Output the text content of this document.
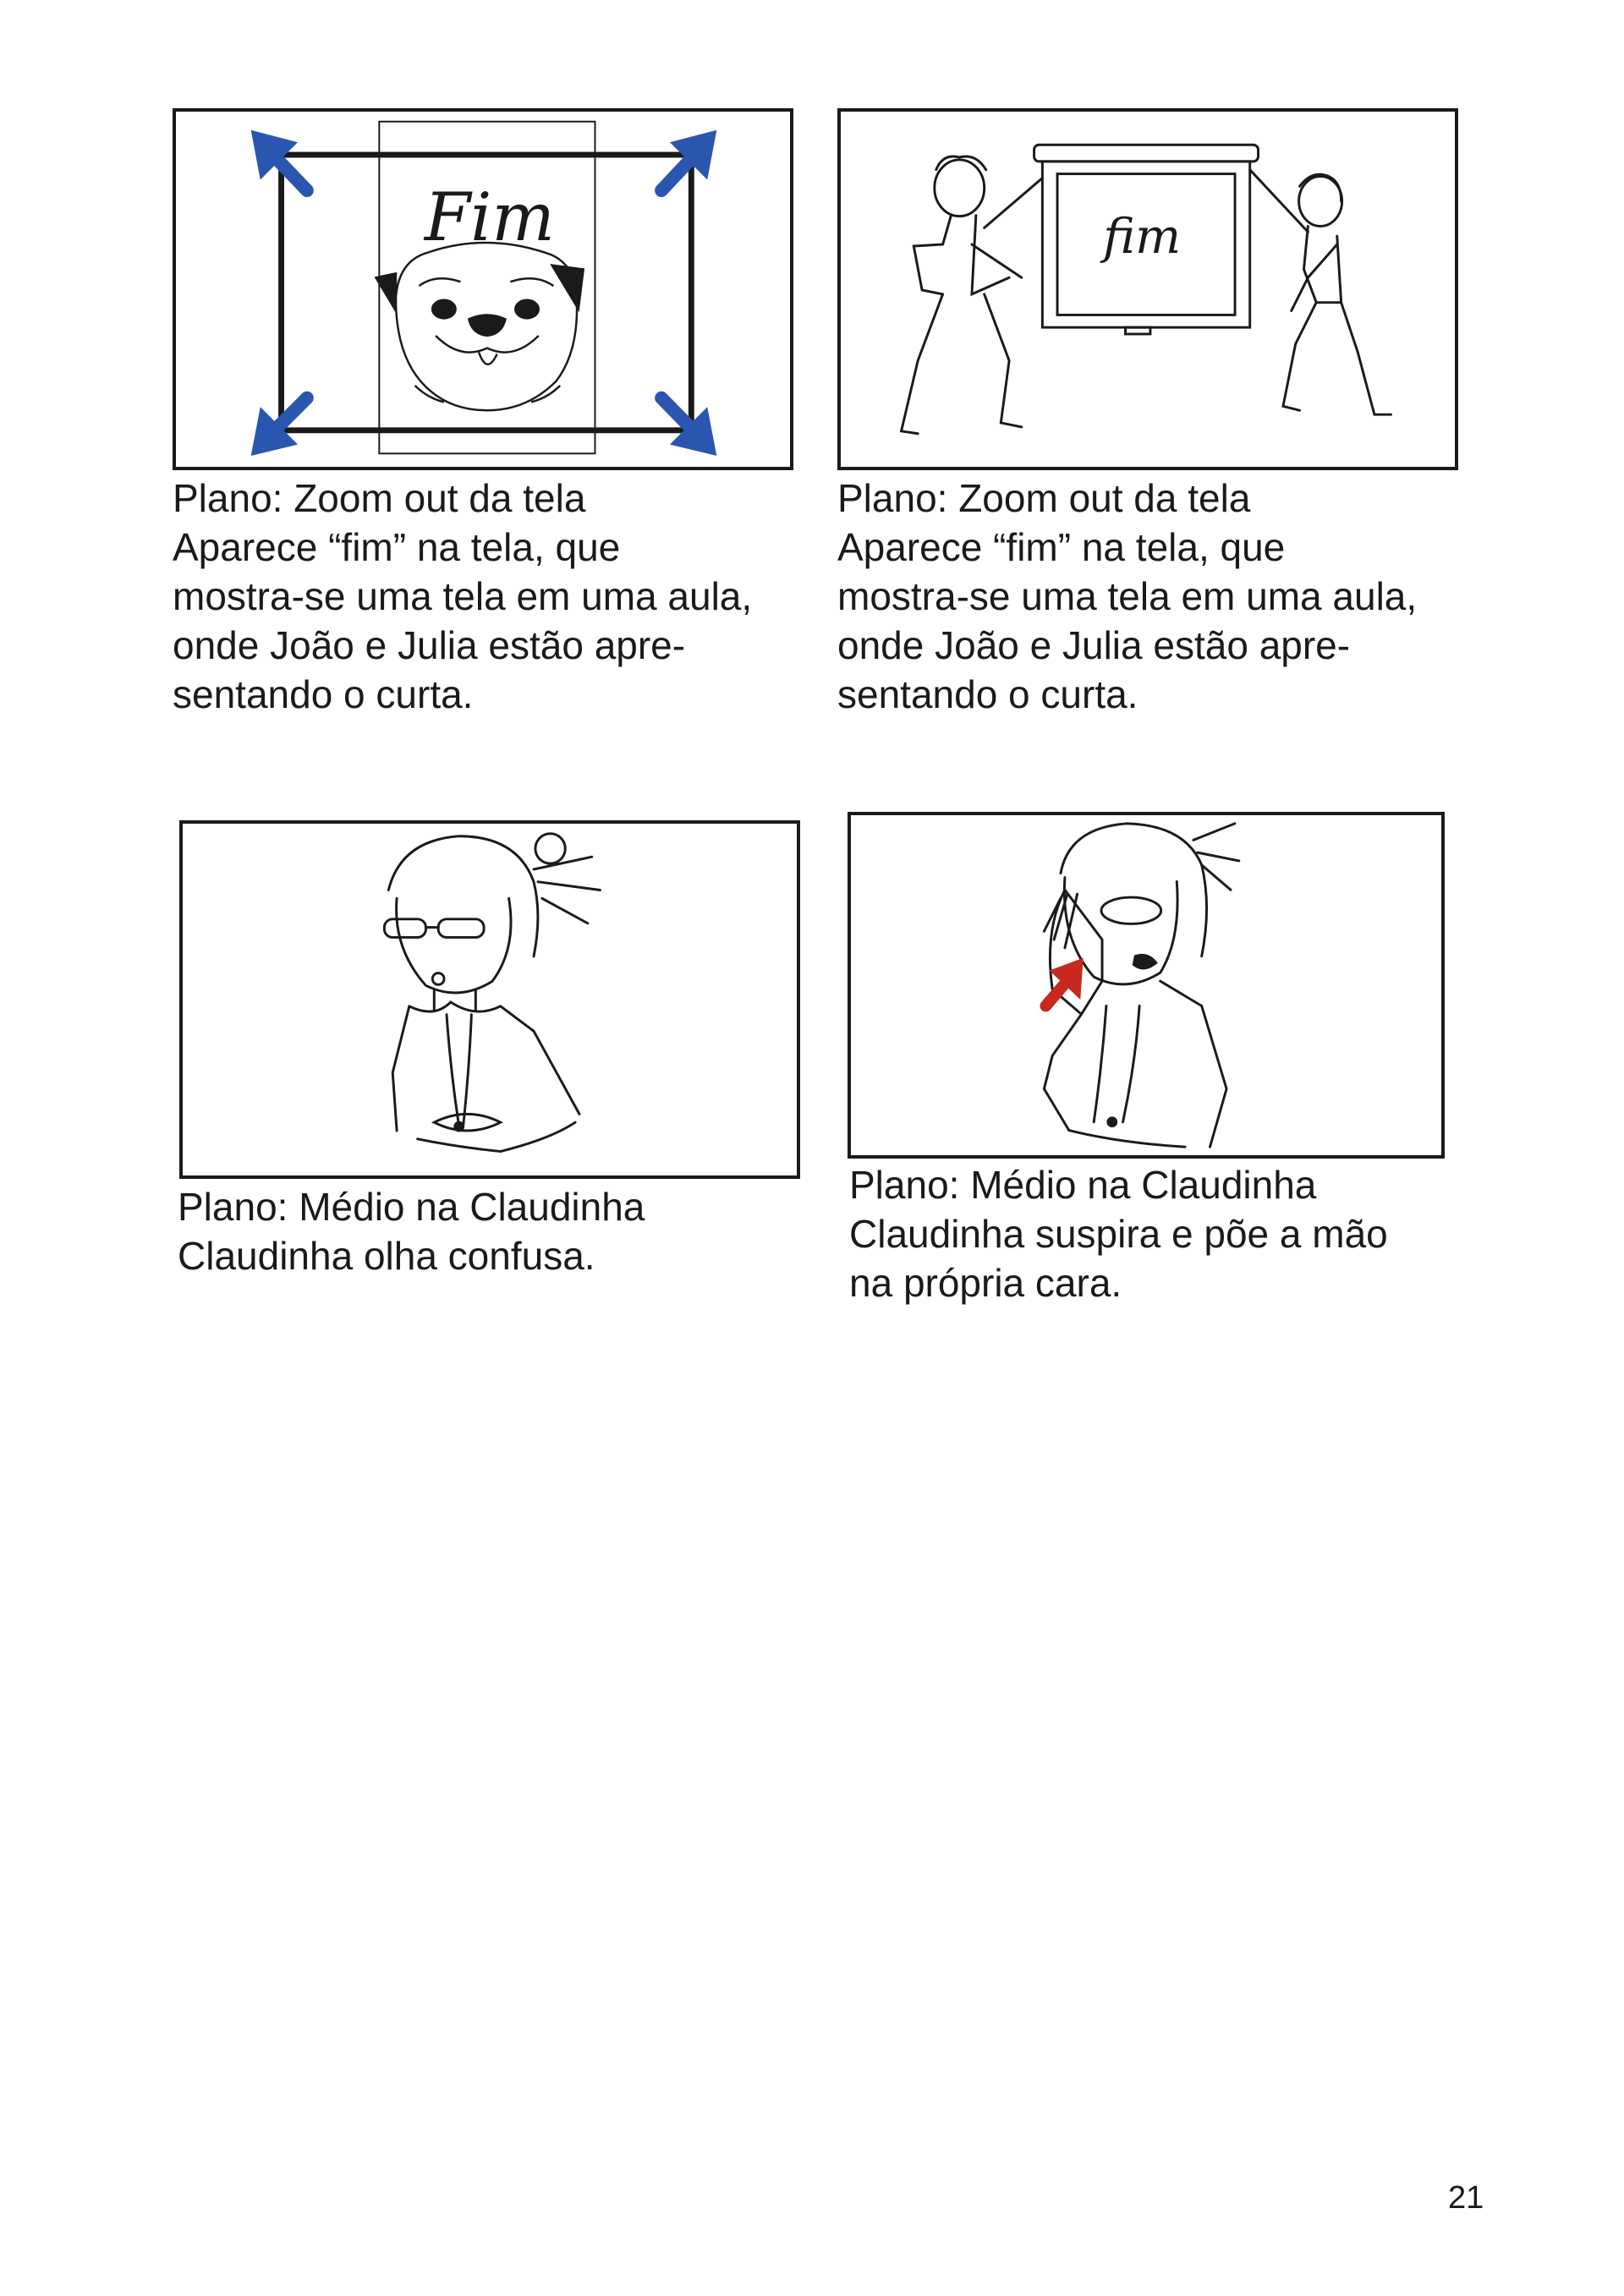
Fim
Plano: Zoom out da tela
Aparece “fim” na tela, que
mostra-se uma tela em uma aula,
onde João e Julia estão apre-
sentando o curta.
fim
Plano: Zoom out da tela
Aparece “fim” na tela, que
mostra-se uma tela em uma aula,
onde João e Julia estão apre-
sentando o curta.
Plano: Médio na Claudinha
Claudinha olha confusa.
Plano: Médio na Claudinha
Claudinha suspira e põe a mão
na própria cara.
21
